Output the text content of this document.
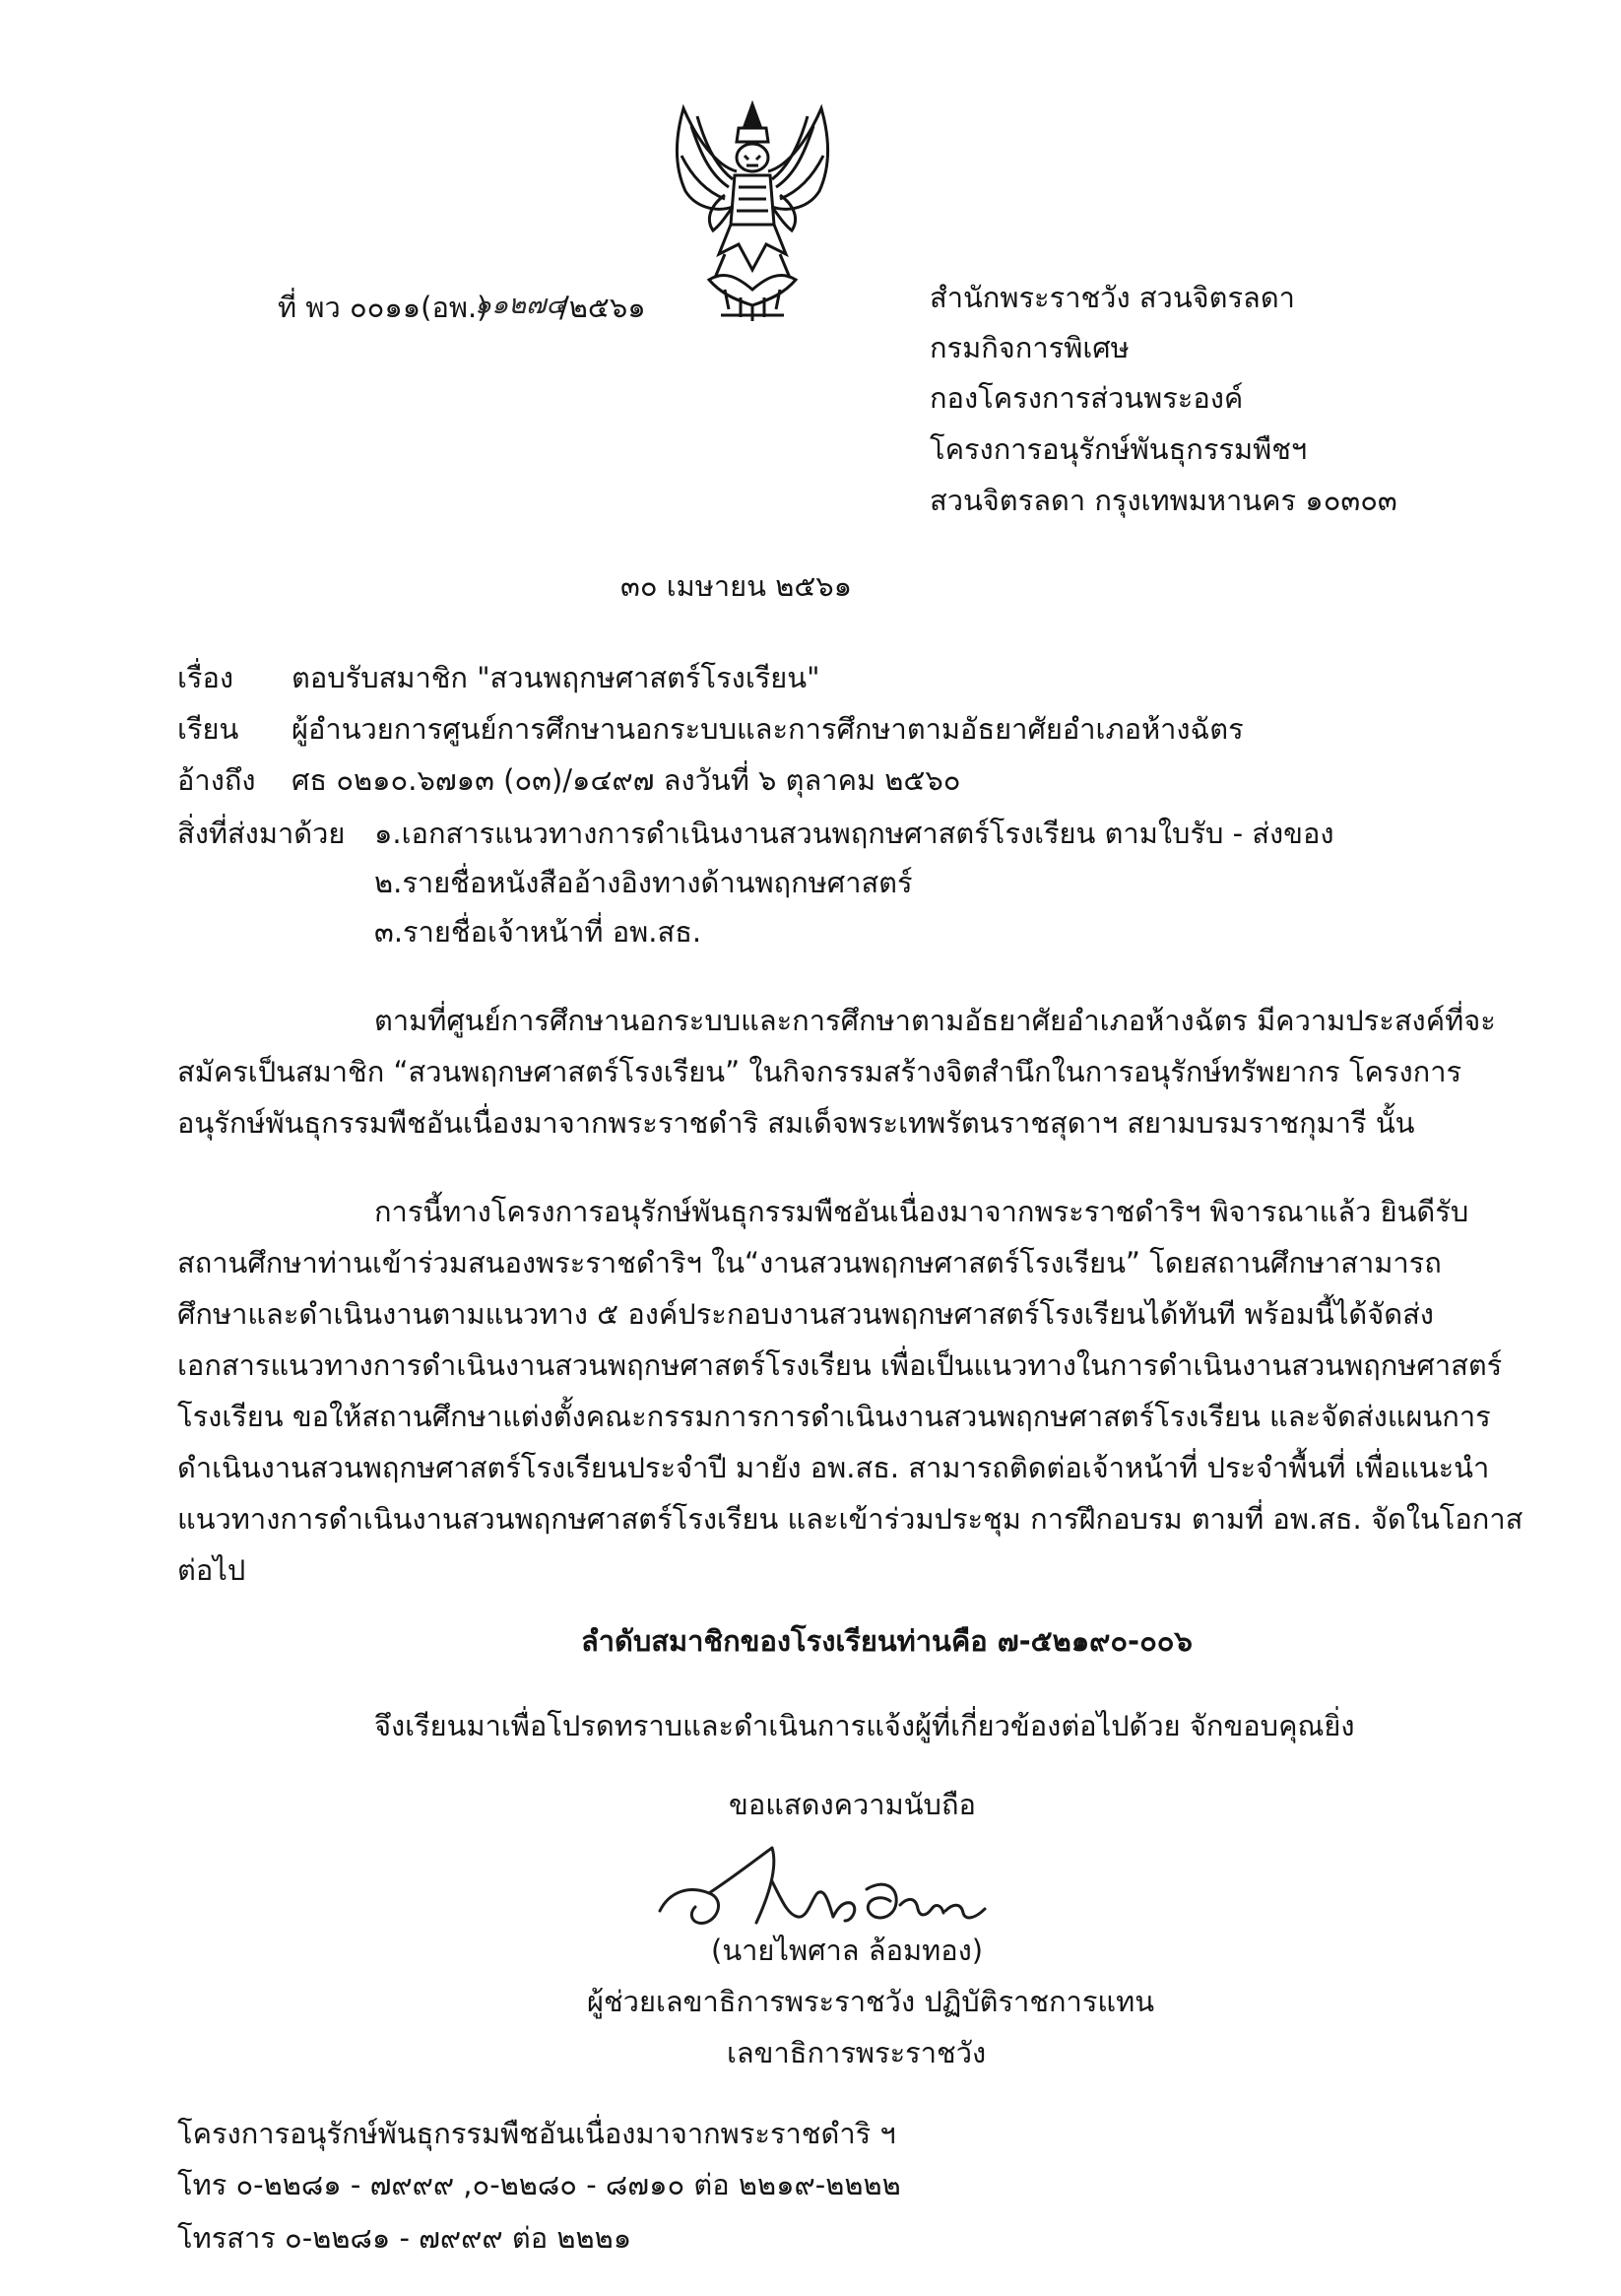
ที่ พว ๐๐๑๑(อพ.)
๑๑๒๗๔
/๒๕๖๑	สำนักพระราชวัง สวนจิตรลดา
กรมกิจการพิเศษ
กองโครงการส่วนพระองค์
โครงการอนุรักษ์พันธุกรรมพืชฯ
สวนจิตรลดา กรุงเทพมหานคร ๑๐๓๐๓
๓๐ เมษายน ๒๕๖๑
เรื่อง ตอบรับสมาชิก "สวนพฤกษศาสตร์โรงเรียน"
เรียน ผู้อำนวยการศูนย์การศึกษานอกระบบและการศึกษาตามอัธยาศัยอำเภอห้างฉัตร
อ้างถึง ศธ ๐๒๑๐.๖๗๑๓ (๐๓)/๑๔๙๗ ลงวันที่ ๖ ตุลาคม ๒๕๖๐
สิ่งที่ส่งมาด้วย ๑.เอกสารแนวทางการดำเนินงานสวนพฤกษศาสตร์โรงเรียน ตามใบรับ - ส่งของ
๒.รายชื่อหนังสืออ้างอิงทางด้านพฤกษศาสตร์
๓.รายชื่อเจ้าหน้าที่ อพ.สธ.
ตามที่ศูนย์การศึกษานอกระบบและการศึกษาตามอัธยาศัยอำเภอห้างฉัตร มีความประสงค์ที่จะ
สมัครเป็นสมาชิก “สวนพฤกษศาสตร์โรงเรียน” ในกิจกรรมสร้างจิตสำนึกในการอนุรักษ์ทรัพยากร โครงการ
อนุรักษ์พันธุกรรมพืชอันเนื่องมาจากพระราชดำริ สมเด็จพระเทพรัตนราชสุดาฯ สยามบรมราชกุมารี นั้น
การนี้ทางโครงการอนุรักษ์พันธุกรรมพืชอันเนื่องมาจากพระราชดำริฯ พิจารณาแล้ว ยินดีรับ
สถานศึกษาท่านเข้าร่วมสนองพระราชดำริฯ ใน“งานสวนพฤกษศาสตร์โรงเรียน” โดยสถานศึกษาสามารถ
ศึกษาและดำเนินงานตามแนวทาง ๕ องค์ประกอบงานสวนพฤกษศาสตร์โรงเรียนได้ทันที พร้อมนี้ได้จัดส่ง
เอกสารแนวทางการดำเนินงานสวนพฤกษศาสตร์โรงเรียน เพื่อเป็นแนวทางในการดำเนินงานสวนพฤกษศาสตร์
โรงเรียน ขอให้สถานศึกษาแต่งตั้งคณะกรรมการการดำเนินงานสวนพฤกษศาสตร์โรงเรียน และจัดส่งแผนการ
ดำเนินงานสวนพฤกษศาสตร์โรงเรียนประจำปี มายัง อพ.สธ. สามารถติดต่อเจ้าหน้าที่ ประจำพื้นที่ เพื่อแนะนำ
แนวทางการดำเนินงานสวนพฤกษศาสตร์โรงเรียน และเข้าร่วมประชุม การฝึกอบรม ตามที่ อพ.สธ. จัดในโอกาส
ต่อไป
ลำดับสมาชิกของโรงเรียนท่านคือ ๗-๕๒๑๙๐-๐๐๖
จึงเรียนมาเพื่อโปรดทราบและดำเนินการแจ้งผู้ที่เกี่ยวข้องต่อไปด้วย จักขอบคุณยิ่ง
ขอแสดงความนับถือ
(นายไพศาล ล้อมทอง)
ผู้ช่วยเลขาธิการพระราชวัง ปฏิบัติราชการแทน
เลขาธิการพระราชวัง
โครงการอนุรักษ์พันธุกรรมพืชอันเนื่องมาจากพระราชดำริ ฯ
โทร ๐-๒๒๘๑ - ๗๙๙๙ ,๐-๒๒๘๐ - ๘๗๑๐ ต่อ ๒๒๑๙-๒๒๒๒
โทรสาร ๐-๒๒๘๑ - ๗๙๙๙ ต่อ ๒๒๒๑
